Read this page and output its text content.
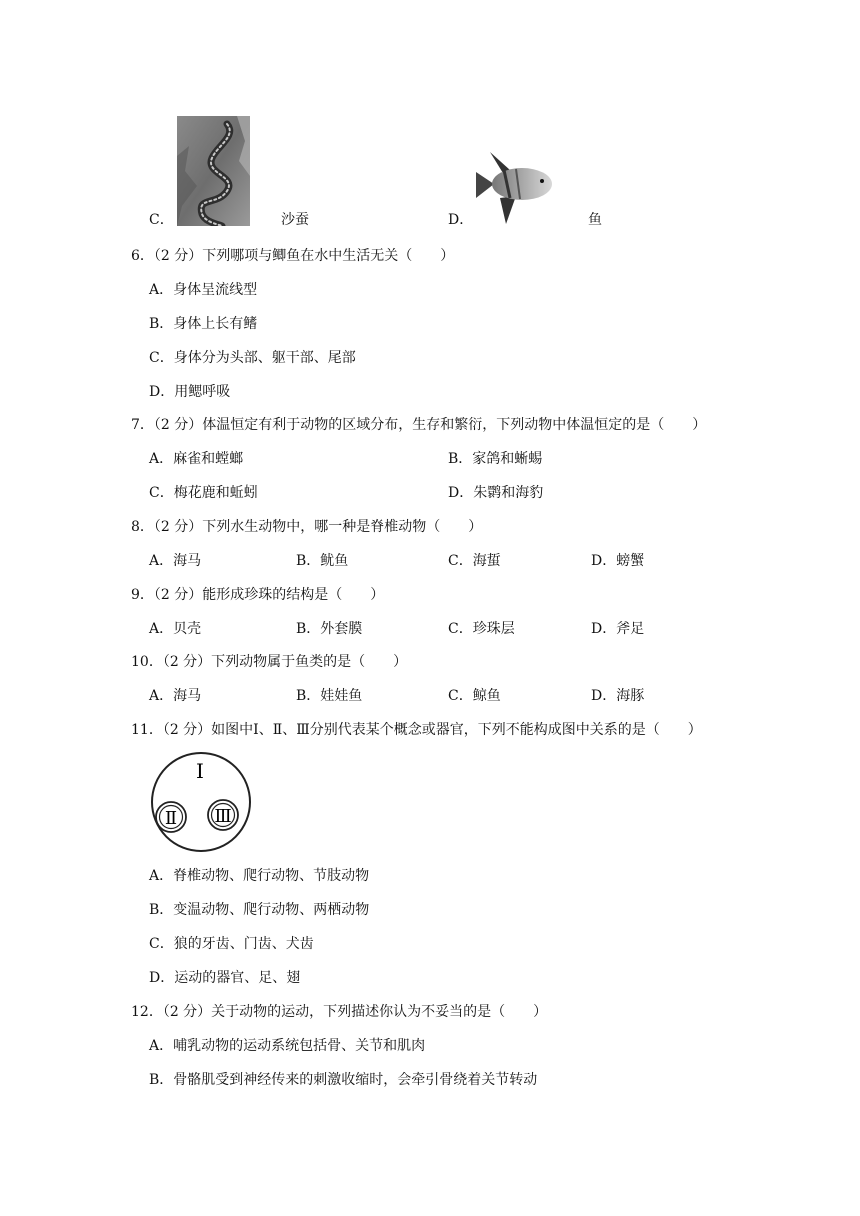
C．	沙蚕	D．	鱼
6．（2 分）下列哪项与鲫鱼在水中生活无关（　　）
A．身体呈流线型
B．身体上长有鳍
C．身体分为头部、躯干部、尾部
D．用鳃呼吸
7．（2 分）体温恒定有利于动物的区域分布，生存和繁衍，下列动物中体温恒定的是（　　）
A．麻雀和螳螂	B．家鸽和蜥蜴
C．梅花鹿和蚯蚓	D．朱鹮和海豹
8．（2 分）下列水生动物中，哪一种是脊椎动物（　　）
A．海马	B．鱿鱼	C．海蜇	D．螃蟹
9．（2 分）能形成珍珠的结构是（　　）
A．贝壳	B．外套膜	C．珍珠层	D．斧足
10．（2 分）下列动物属于鱼类的是（　　）
A．海马	B．娃娃鱼	C．鲸鱼	D．海豚
11．（2 分）如图中Ⅰ、Ⅱ、Ⅲ分别代表某个概念或器官，下列不能构成图中关系的是（　　）
Ⅰ
Ⅱ Ⅲ
A．脊椎动物、爬行动物、节肢动物
B．变温动物、爬行动物、两栖动物
C．狼的牙齿、门齿、犬齿
D．运动的器官、足、翅
12．（2 分）关于动物的运动，下列描述你认为不妥当的是（　　）
A．哺乳动物的运动系统包括骨、关节和肌肉
B．骨骼肌受到神经传来的刺激收缩时，会牵引骨绕着关节转动
